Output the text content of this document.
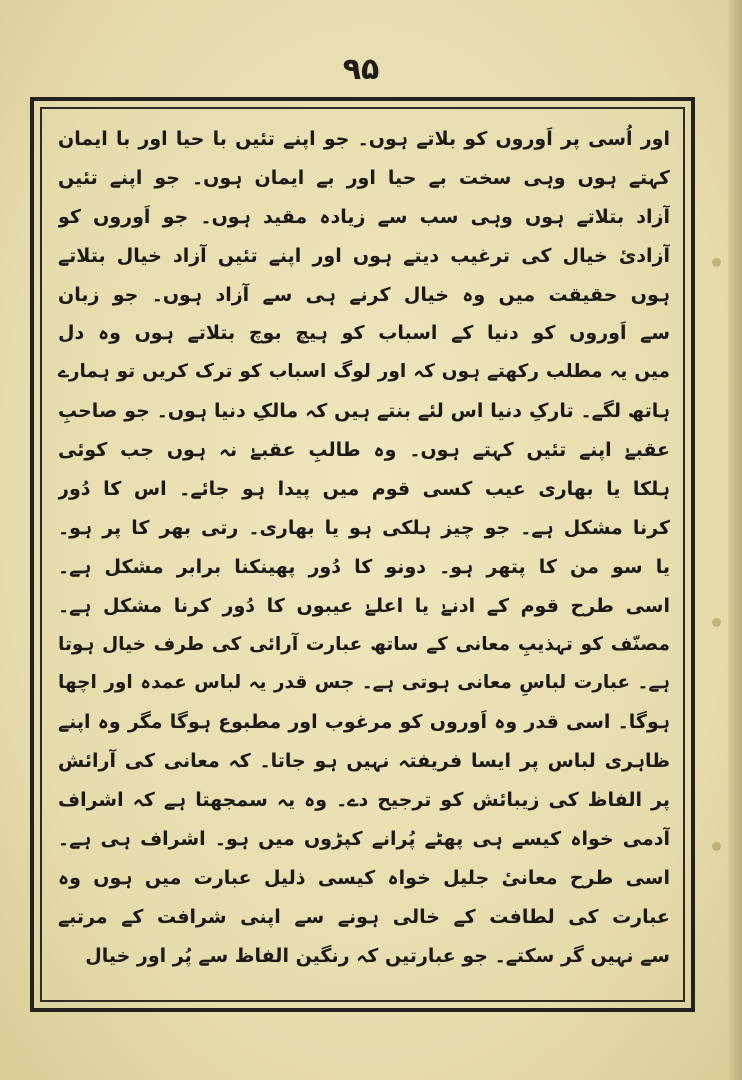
۹۵
اور اُسی پر اَوروں کو بلاتے ہوں۔ جو اپنے تئیں با حیا اور با ایمان
کہتے ہوں وہی سخت بے حیا اور بے ایمان ہوں۔ جو اپنے تئیں
آزاد بتلاتے ہوں وہی سب سے زیادہ مقید ہوں۔ جو اَوروں کو
آزادیٔ خیال کی ترغیب دیتے ہوں اور اپنے تئیں آزاد خیال بتلاتے
ہوں حقیقت میں وہ خیال کرنے ہی سے آزاد ہوں۔ جو زبان
سے اَوروں کو دنیا کے اسباب کو ہیچ بوچ بتلاتے ہوں وہ دل
میں یہ مطلب رکھتے ہوں کہ اور لوگ اسباب کو ترک کریں تو ہمارے
ہاتھ لگے۔ تارکِ دنیا اس لئے بنتے ہیں کہ مالکِ دنیا ہوں۔ جو صاحبِ
عقبےٰ اپنے تئیں کہتے ہوں۔ وہ طالبِ عقبےٰ نہ ہوں جب کوئی
ہلکا یا بھاری عیب کسی قوم میں پیدا ہو جائے۔ اس کا دُور
کرنا مشکل ہے۔ جو چیز ہلکی ہو یا بھاری۔ رتی بھر کا پر ہو۔
یا سو من کا پتھر ہو۔ دونو کا دُور پھینکنا برابر مشکل ہے۔
اسی طرح قوم کے ادنےٰ یا اعلےٰ عیبوں کا دُور کرنا مشکل ہے۔
مصنّف کو تہذیبِ معانی کے ساتھ عبارت آرائی کی طرف خیال ہوتا
ہے۔ عبارت لباسِ معانی ہوتی ہے۔ جس قدر یہ لباس عمدہ اور اچھا
ہوگا۔ اسی قدر وہ اَوروں کو مرغوب اور مطبوع ہوگا مگر وہ اپنے
ظاہری لباس پر ایسا فریفتہ نہیں ہو جاتا۔ کہ معانی کی آرائش
پر الفاظ کی زیبائش کو ترجیح دے۔ وہ یہ سمجھتا ہے کہ اشراف
آدمی خواہ کیسے ہی پھٹے پُرانے کپڑوں میں ہو۔ اشراف ہی ہے۔
اسی طرح معانیٔ جلیل خواہ کیسی ذلیل عبارت میں ہوں وہ
عبارت کی لطافت کے خالی ہونے سے اپنی شرافت کے مرتبے
سے نہیں گر سکتے۔ جو عبارتیں کہ رنگین الفاظ سے پُر اور خیال
